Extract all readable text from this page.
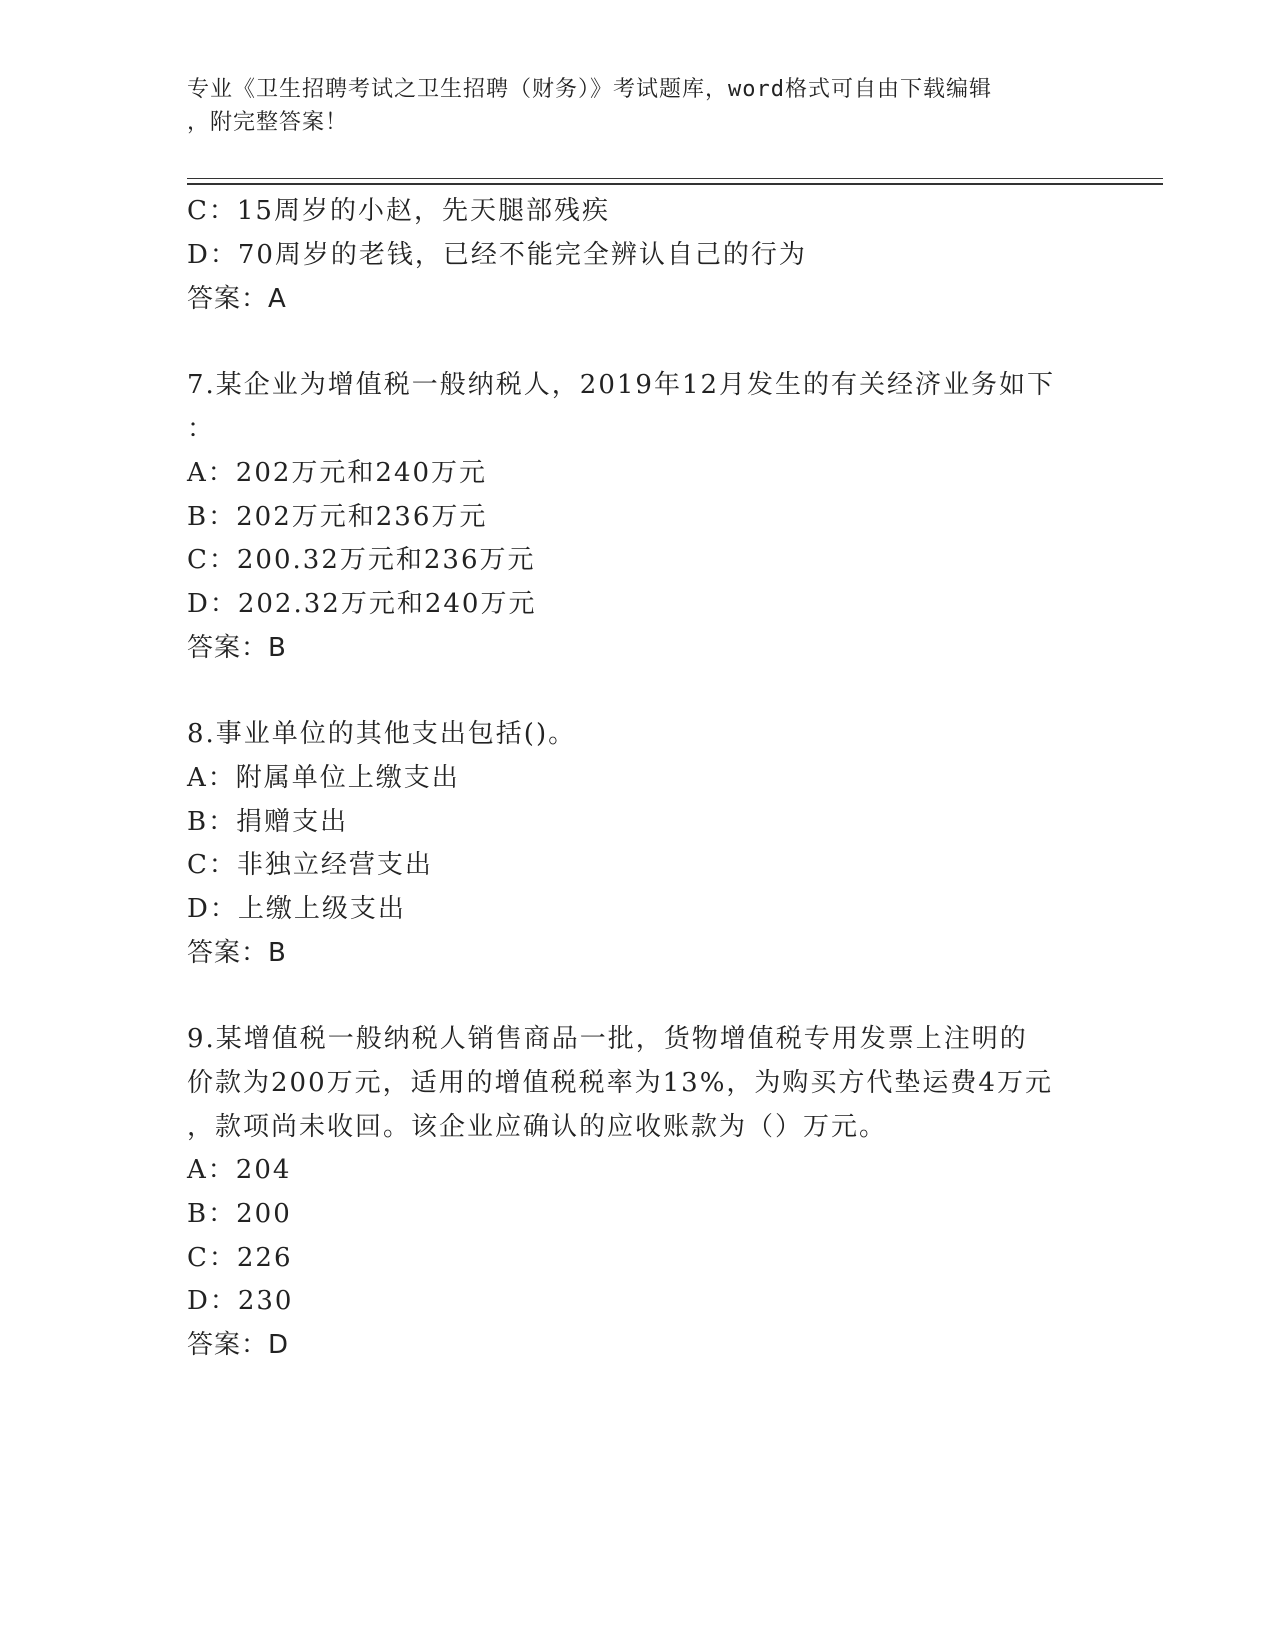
专业《卫生招聘考试之卫生招聘（财务）》考试题库，word格式可自由下载编辑
，附完整答案！
C：15周岁的小赵，先天腿部残疾
D：70周岁的老钱，已经不能完全辨认自己的行为
答案：A
7.某企业为增值税一般纳税人，2019年12月发生的有关经济业务如下
：
A：202万元和240万元
B：202万元和236万元
C：200.32万元和236万元
D：202.32万元和240万元
答案：B
8.事业单位的其他支出包括()。
A：附属单位上缴支出
B：捐赠支出
C：非独立经营支出
D：上缴上级支出
答案：B
9.某增值税一般纳税人销售商品一批，货物增值税专用发票上注明的
价款为200万元，适用的增值税税率为13%，为购买方代垫运费4万元
，款项尚未收回。该企业应确认的应收账款为（）万元。
A：204
B：200
C：226
D：230
答案：D
